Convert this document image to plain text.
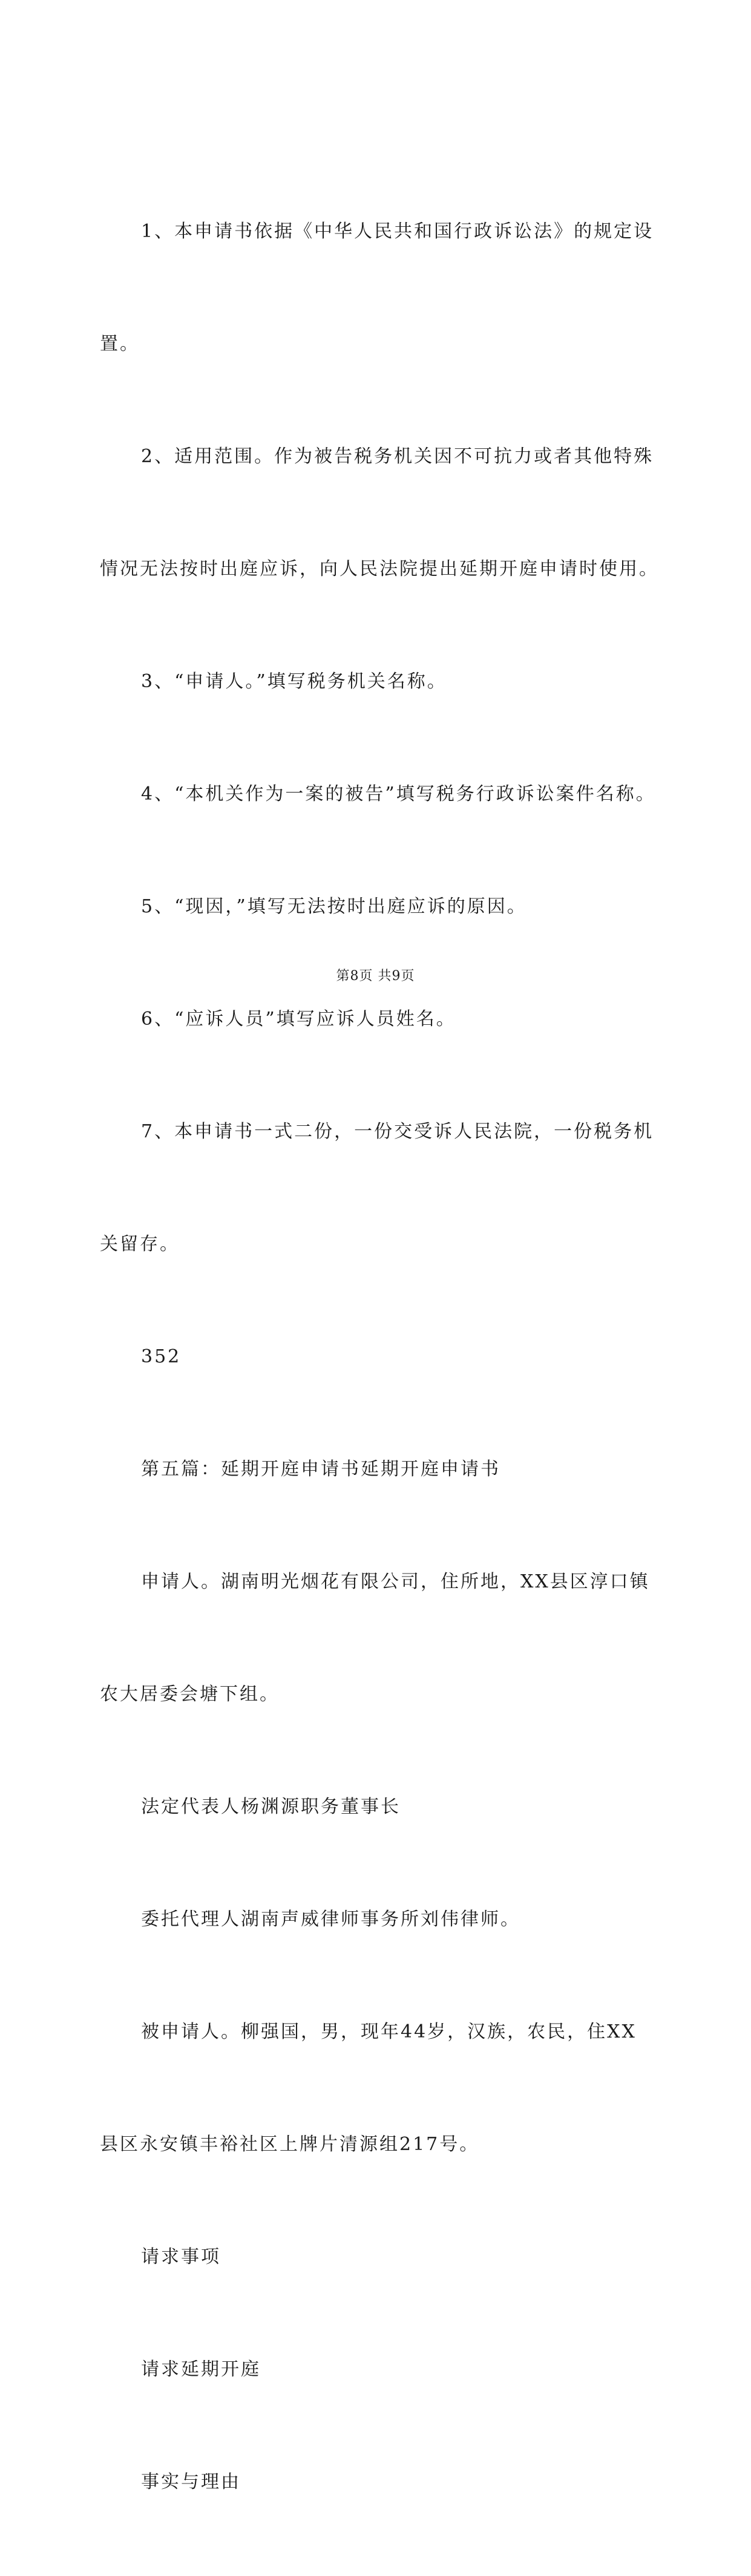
1、本申请书依据《中华人民共和国行政诉讼法》的规定设

置。

2、适用范围。作为被告税务机关因不可抗力或者其他特殊

情况无法按时出庭应诉，向人民法院提出延期开庭申请时使用。

3、“申请人。”填写税务机关名称。

4、“本机关作为一案的被告”填写税务行政诉讼案件名称。

5、“现因，”填写无法按时出庭应诉的原因。

6、“应诉人员”填写应诉人员姓名。

7、本申请书一式二份，一份交受诉人民法院，一份税务机

关留存。

352

第五篇：延期开庭申请书延期开庭申请书

申请人。湖南明光烟花有限公司，住所地，XX县区淳口镇

农大居委会塘下组。

法定代表人杨渊源职务董事长

委托代理人湖南声威律师事务所刘伟律师。

被申请人。柳强国，男，现年44岁，汉族，农民，住XX

县区永安镇丰裕社区上牌片清源组217号。

请求事项

请求延期开庭

事实与理由

第8页 共9页
